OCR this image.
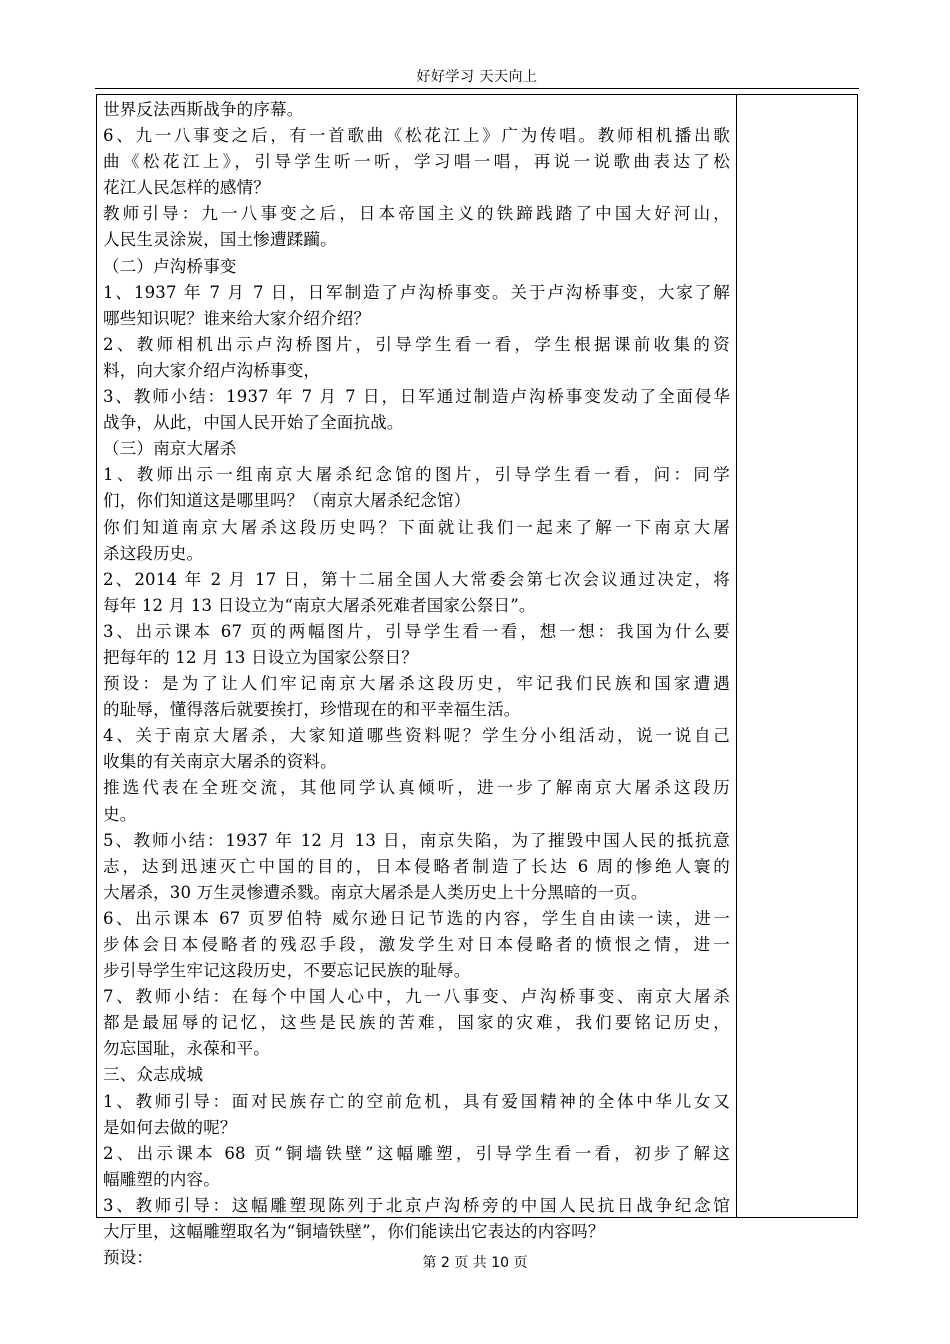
好好学习 天天向上
世界反法西斯战争的序幕。
6、九一八事变之后，有一首歌曲《松花江上》广为传唱。教师相机播出歌
曲《松花江上》，引导学生听一听，学习唱一唱，再说一说歌曲表达了松
花江人民怎样的感情？
教师引导：九一八事变之后，日本帝国主义的铁蹄践踏了中国大好河山，
人民生灵涂炭，国土惨遭蹂躏。
（二）卢沟桥事变
1、1937 年 7 月 7 日，日军制造了卢沟桥事变。关于卢沟桥事变，大家了解
哪些知识呢？谁来给大家介绍介绍？
2、教师相机出示卢沟桥图片，引导学生看一看，学生根据课前收集的资
料，向大家介绍卢沟桥事变，
3、教师小结：1937 年 7 月 7 日，日军通过制造卢沟桥事变发动了全面侵华
战争，从此，中国人民开始了全面抗战。
（三）南京大屠杀
1、教师出示一组南京大屠杀纪念馆的图片，引导学生看一看，问：同学
们，你们知道这是哪里吗？（南京大屠杀纪念馆）
你们知道南京大屠杀这段历史吗？下面就让我们一起来了解一下南京大屠
杀这段历史。
2、2014 年 2 月 17 日，第十二届全国人大常委会第七次会议通过决定，将
每年 12 月 13 日设立为“南京大屠杀死难者国家公祭日”。
3、出示课本 67 页的两幅图片，引导学生看一看，想一想：我国为什么要
把每年的 12 月 13 日设立为国家公祭日？
预设：是为了让人们牢记南京大屠杀这段历史，牢记我们民族和国家遭遇
的耻辱，懂得落后就要挨打，珍惜现在的和平幸福生活。
4、关于南京大屠杀，大家知道哪些资料呢？学生分小组活动，说一说自己
收集的有关南京大屠杀的资料。
推选代表在全班交流，其他同学认真倾听，进一步了解南京大屠杀这段历
史。
5、教师小结：1937 年 12 月 13 日，南京失陷，为了摧毁中国人民的抵抗意
志，达到迅速灭亡中国的目的，日本侵略者制造了长达 6 周的惨绝人寰的
大屠杀，30 万生灵惨遭杀戮。南京大屠杀是人类历史上十分黑暗的一页。
6、出示课本 67 页罗伯特 威尔逊日记节选的内容，学生自由读一读，进一
步体会日本侵略者的残忍手段，激发学生对日本侵略者的愤恨之情，进一
步引导学生牢记这段历史，不要忘记民族的耻辱。
7、教师小结：在每个中国人心中，九一八事变、卢沟桥事变、南京大屠杀
都是最屈辱的记忆，这些是民族的苦难，国家的灾难，我们要铭记历史，
勿忘国耻，永葆和平。
三、众志成城
1、教师引导：面对民族存亡的空前危机，具有爱国精神的全体中华儿女又
是如何去做的呢？
2、出示课本 68 页“铜墙铁壁”这幅雕塑，引导学生看一看，初步了解这
幅雕塑的内容。
3、教师引导：这幅雕塑现陈列于北京卢沟桥旁的中国人民抗日战争纪念馆
大厅里，这幅雕塑取名为“铜墙铁壁”，你们能读出它表达的内容吗？
预设：	第 2 页 共 10 页
